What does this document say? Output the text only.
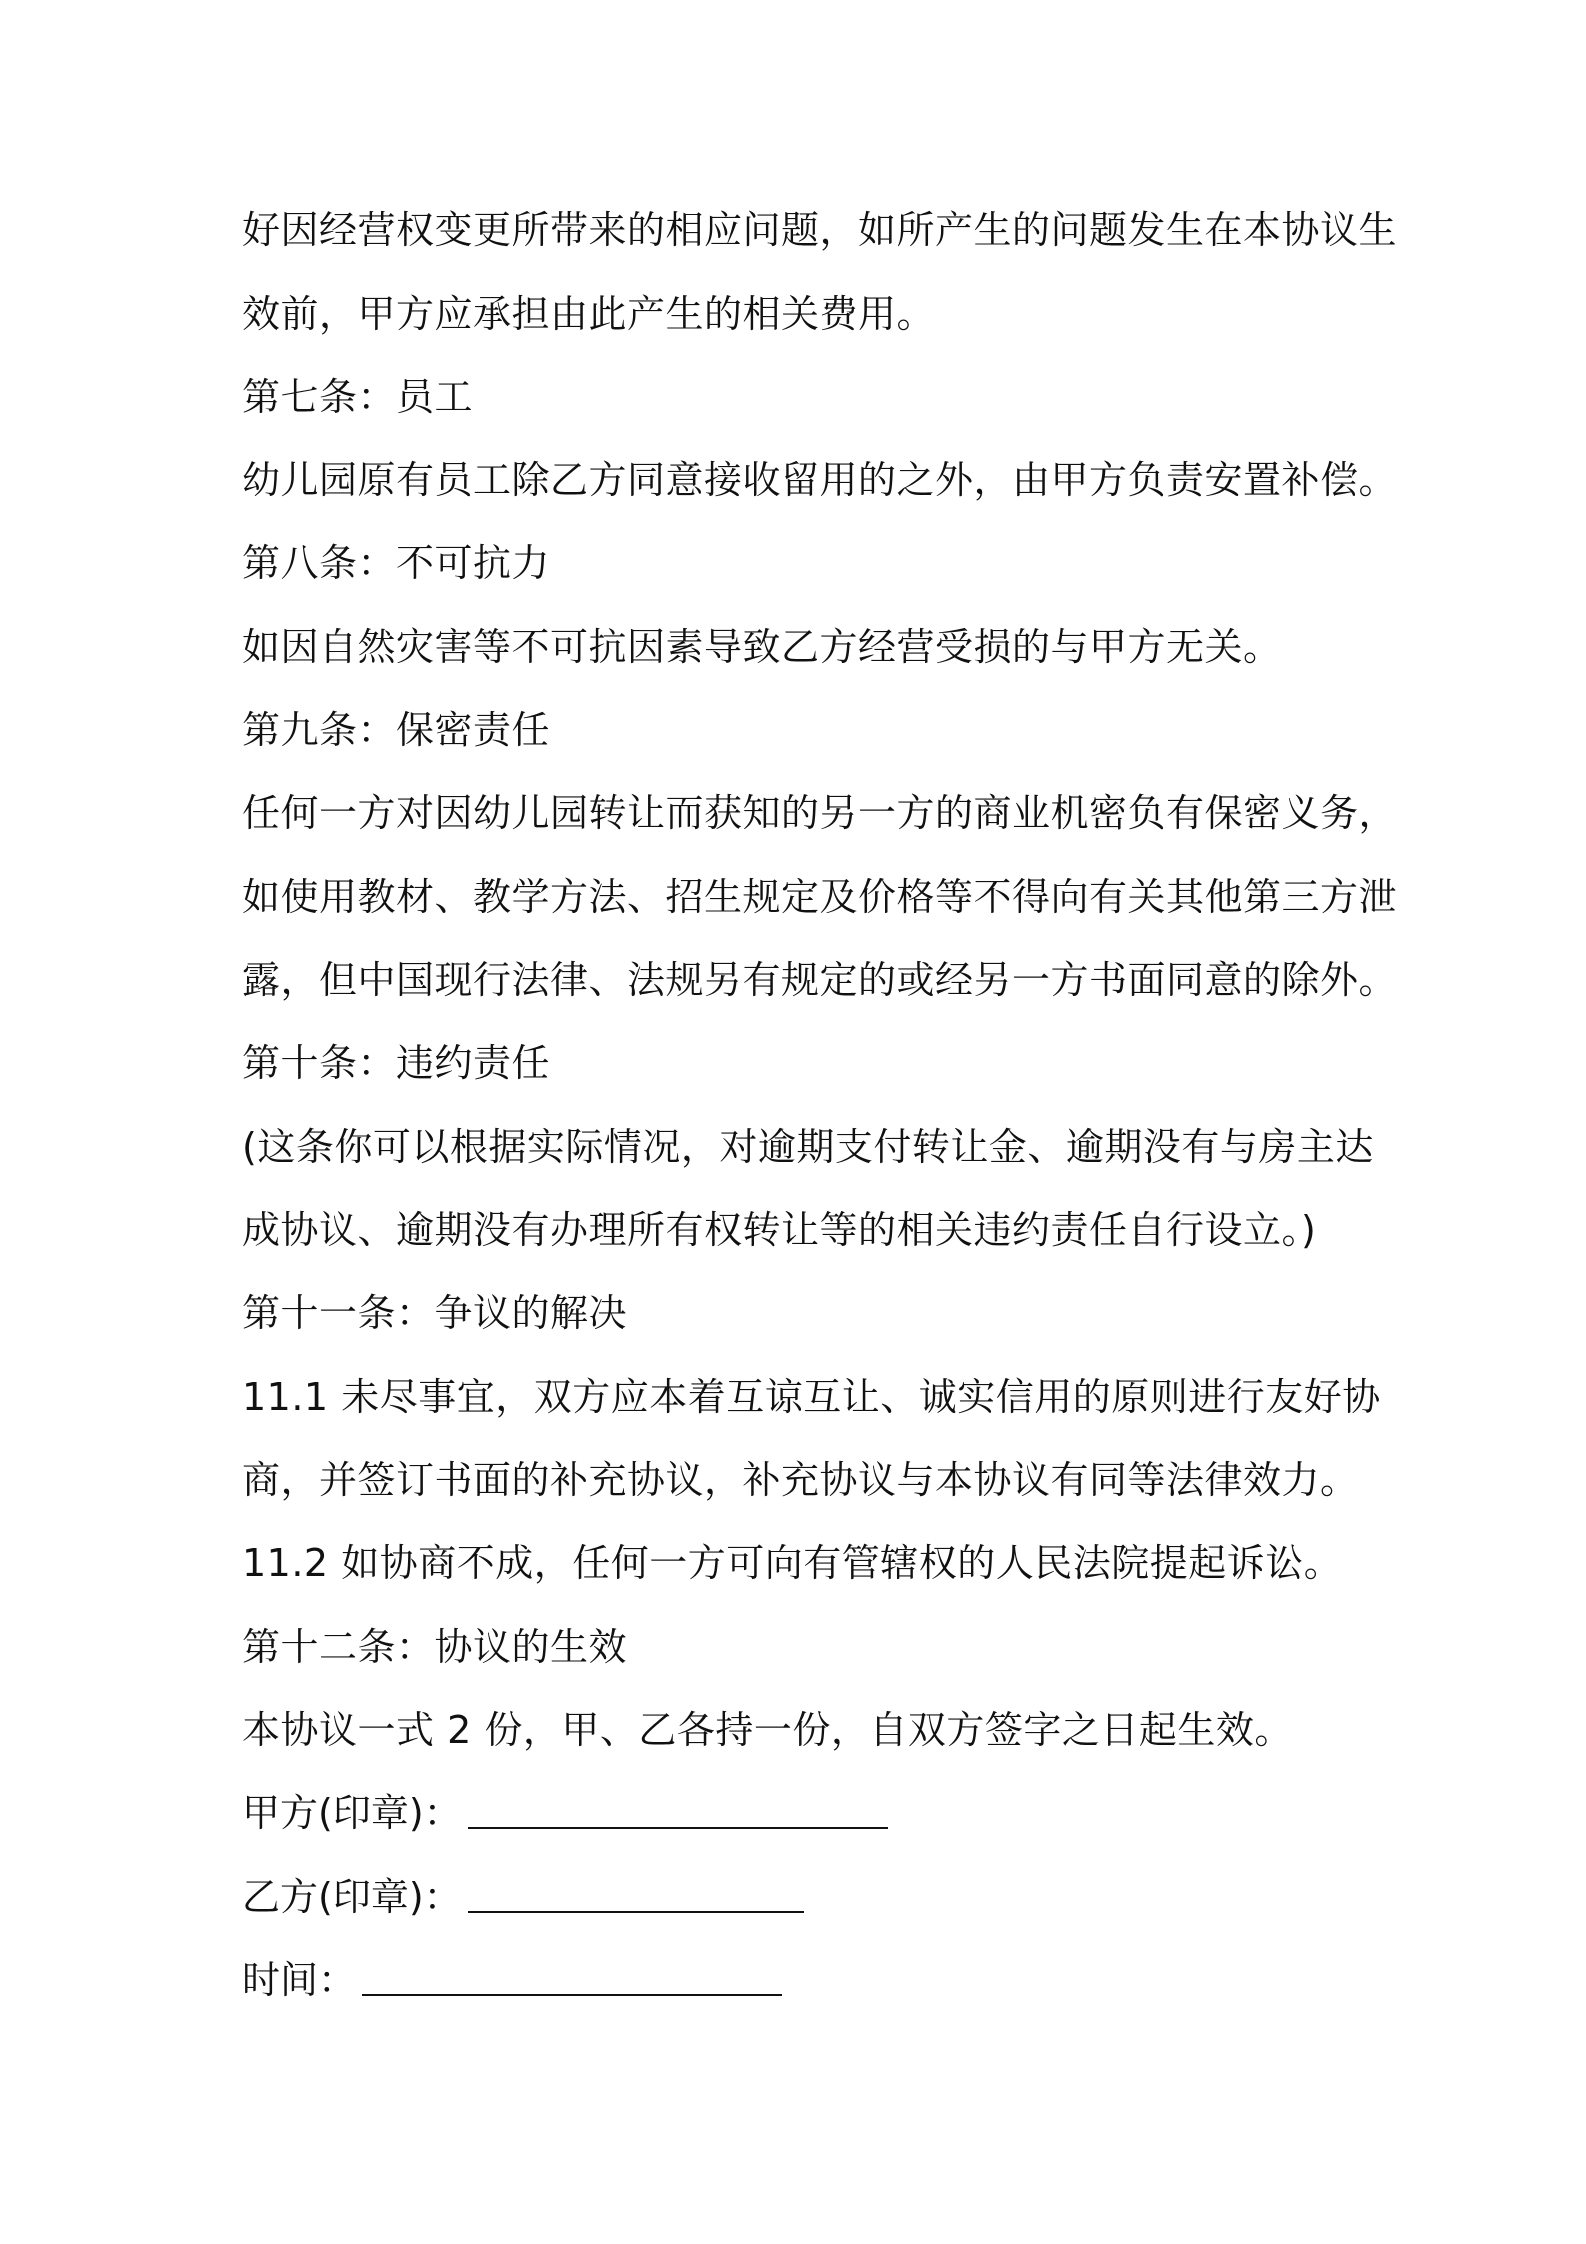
好因经营权变更所带来的相应问题，如所产生的问题发生在本协议生
效前，甲方应承担由此产生的相关费用。
第七条：员工
幼儿园原有员工除乙方同意接收留用的之外，由甲方负责安置补偿。
第八条：不可抗力
如因自然灾害等不可抗因素导致乙方经营受损的与甲方无关。
第九条：保密责任
任何一方对因幼儿园转让而获知的另一方的商业机密负有保密义务，
如使用教材、教学方法、招生规定及价格等不得向有关其他第三方泄
露，但中国现行法律、法规另有规定的或经另一方书面同意的除外。
第十条：违约责任
(这条你可以根据实际情况，对逾期支付转让金、逾期没有与房主达
成协议、逾期没有办理所有权转让等的相关违约责任自行设立。)
第十一条：争议的解决
11.1 未尽事宜，双方应本着互谅互让、诚实信用的原则进行友好协
商，并签订书面的补充协议，补充协议与本协议有同等法律效力。
11.2 如协商不成，任何一方可向有管辖权的人民法院提起诉讼。
第十二条：协议的生效
本协议一式 2 份，甲、乙各持一份，自双方签字之日起生效。
甲方(印章)：
乙方(印章)：
时间：
